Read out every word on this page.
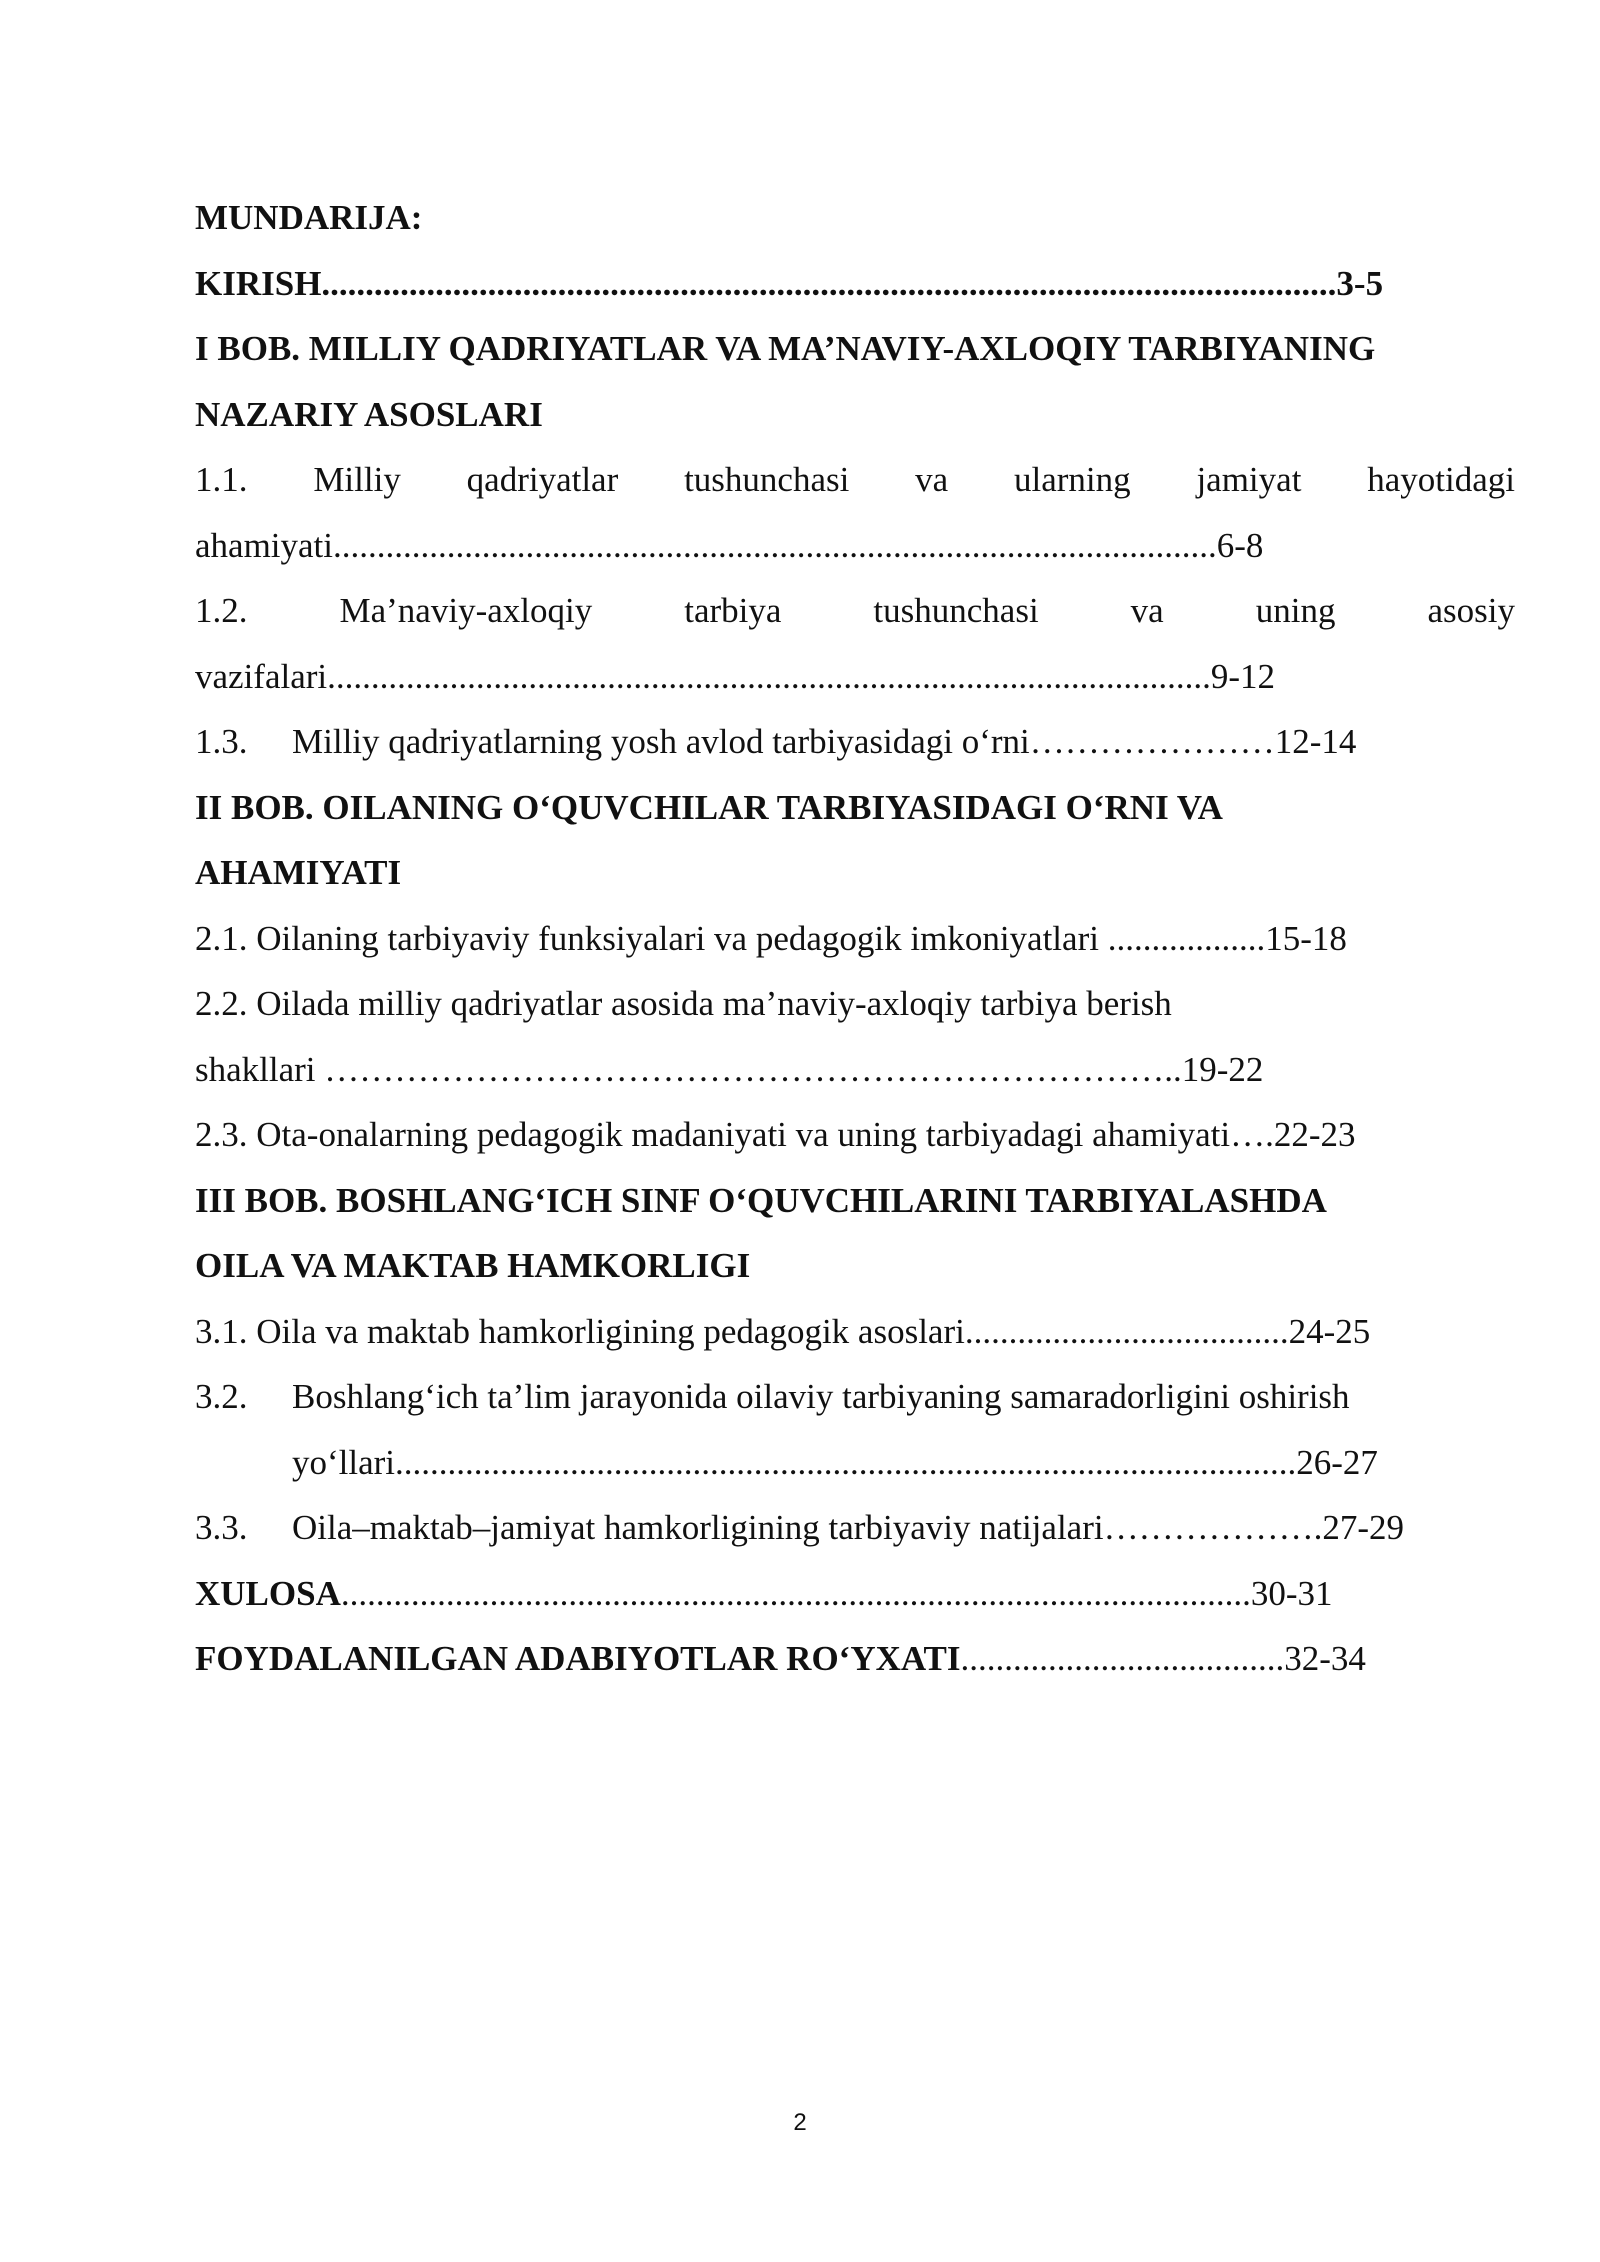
MUNDARIJA:
KIRISH....................................................................................................................3-5
I BOB. MILLIY QADRIYATLAR VA MA’NAVIY-AXLOQIY TARBIYANING
NAZARIY ASOSLARI
1.1. Milliy qadriyatlar tushunchasi va ularning jamiyat hayotidagi
ahamiyati.....................................................................................................6-8
1.2.	Ma’naviy-axloqiy	tarbiya	tushunchasi	va	uning	asosiy
vazifalari.....................................................................................................9-12
1.3. Milliy qadriyatlarning yosh avlod tarbiyasidagi o‘rni…………………12-14
II BOB. OILANING O‘QUVCHILAR TARBIYASIDAGI O‘RNI VA
AHAMIYATI
2.1. Oilaning tarbiyaviy funksiyalari va pedagogik imkoniyatlari ..................15-18
2.2. Oilada milliy qadriyatlar asosida ma’naviy-axloqiy tarbiya berish
shakllari ………………………………………………………………..19-22
2.3. Ota-onalarning pedagogik madaniyati va uning tarbiyadagi ahamiyati….22-23
III BOB. BOSHLANG‘ICH SINF O‘QUVCHILARINI TARBIYALASHDA
OILA VA MAKTAB HAMKORLIGI
3.1. Oila va maktab hamkorligining pedagogik asoslari.....................................24-25
3.2. Boshlang‘ich ta’lim jarayonida oilaviy tarbiyaning samaradorligini oshirish
yo‘llari.......................................................................................................26-27
3.3. Oila–maktab–jamiyat hamkorligining tarbiyaviy natijalari……………….27-29
XULOSA........................................................................................................30-31
FOYDALANILGAN ADABIYOTLAR RO‘YXATI.....................................32-34
2
